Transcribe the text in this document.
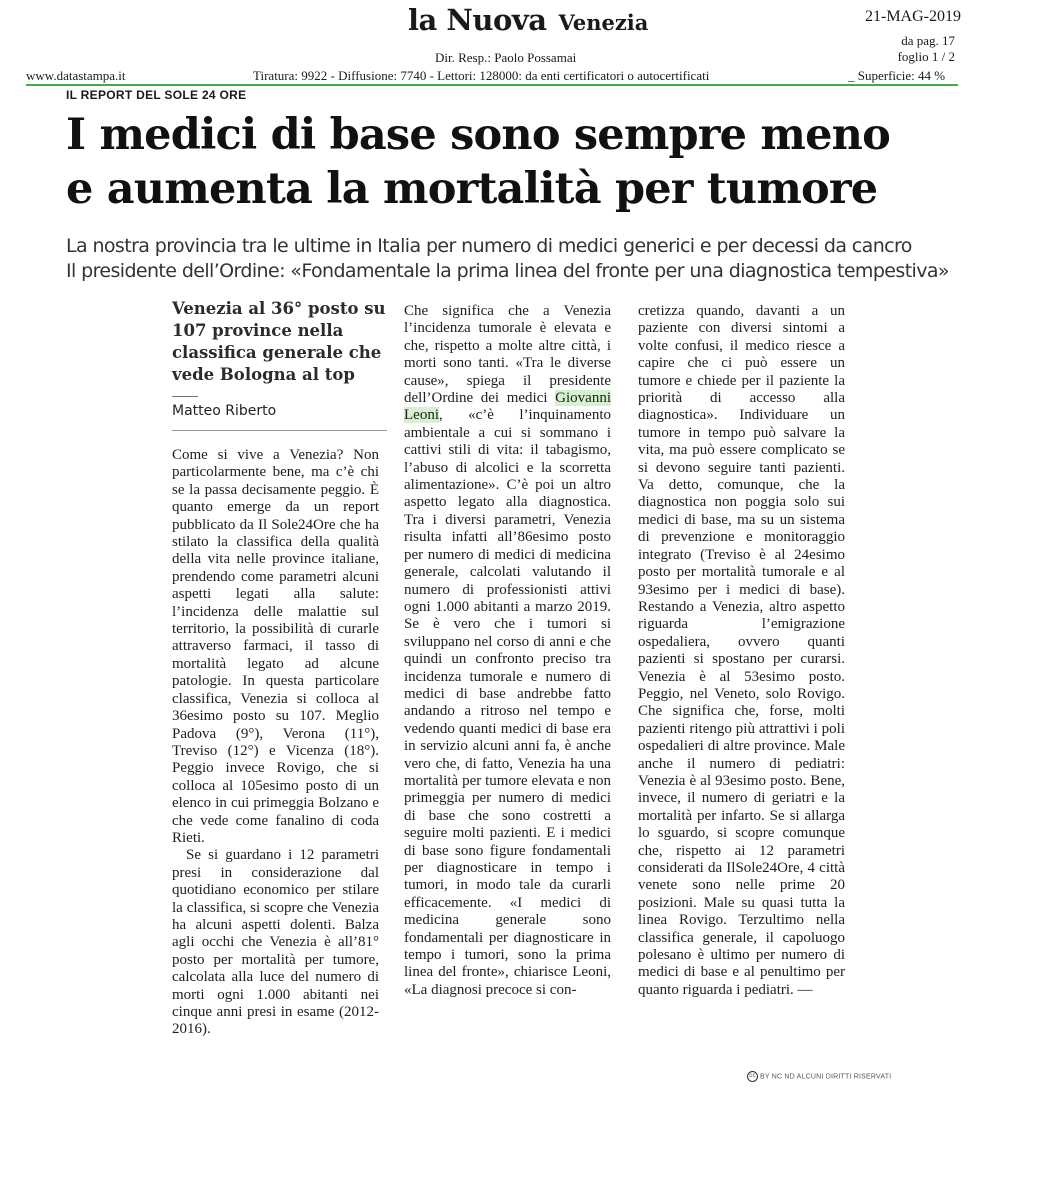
la Nuova Venezia
Dir. Resp.: Paolo Possamai
21-MAG-2019
da pag. 17
foglio 1 / 2
www.datastampa.it	Tiratura: 9922 - Diffusione: 7740 - Lettori: 128000: da enti certificatori o autocertificati	_ Superficie: 44 %
IL REPORT DEL SOLE 24 ORE
I medici di base sono sempre meno
e aumenta la mortalità per tumore
La nostra provincia tra le ultime in Italia per numero di medici generici e per decessi da cancro
Il presidente dell’Ordine: «Fondamentale la prima linea del fronte per una diagnostica tempestiva»
Venezia al 36° posto su 107 province nella classifica generale che vede Bologna al top
Matteo Riberto

Come si vive a Venezia? Non particolarmente bene, ma c’è chi se la passa decisamente peggio. È quanto emerge da un report pubblicato da Il Sole24Ore che ha stilato la classifica della qualità della vita nelle province italiane, prendendo come parametri alcuni aspetti legati alla salute: l’incidenza delle malattie sul territorio, la possibilità di curarle attraverso farmaci, il tasso di mortalità legato ad alcune patologie. In questa particolare classifica, Venezia si colloca al 36esimo posto su 107. Meglio Padova (9°), Verona (11°), Treviso (12°) e Vicenza (18°). Peggio invece Rovigo, che si colloca al 105esimo posto di un elenco in cui primeggia Bolzano e che vede come fanalino di coda Rieti.

Se si guardano i 12 parametri presi in considerazione dal quotidiano economico per stilare la classifica, si scopre che Venezia ha alcuni aspetti dolenti. Balza agli occhi che Venezia è all’81° posto per mortalità per tumore, calcolata alla luce del numero di morti ogni 1.000 abitanti nei cinque anni presi in esame (2012-2016).

Che significa che a Venezia l’incidenza tumorale è elevata e che, rispetto a molte altre città, i morti sono tanti. «Tra le diverse cause», spiega il presidente dell’Ordine dei medici Giovanni Leoni, «c’è l’inquinamento ambientale a cui si sommano i cattivi stili di vita: il tabagismo, l’abuso di alcolici e la scorretta alimentazione». C’è poi un altro aspetto legato alla diagnostica. Tra i diversi parametri, Venezia risulta infatti all’86esimo posto per numero di medici di medicina generale, calcolati valutando il numero di professionisti attivi ogni 1.000 abitanti a marzo 2019. Se è vero che i tumori si sviluppano nel corso di anni e che quindi un confronto preciso tra incidenza tumorale e numero di medici di base andrebbe fatto andando a ritroso nel tempo e vedendo quanti medici di base era in servizio alcuni anni fa, è anche vero che, di fatto, Venezia ha una mortalità per tumore elevata e non primeggia per numero di medici di base che sono costretti a seguire molti pazienti. E i medici di base sono figure fondamentali per diagnosticare in tempo i tumori, in modo tale da curarli efficacemente. «I medici di medicina generale sono fondamentali per diagnosticare in tempo i tumori, sono la prima linea del fronte», chiarisce Leoni, «La diagnosi precoce si con-

cretizza quando, davanti a un paziente con diversi sintomi a volte confusi, il medico riesce a capire che ci può essere un tumore e chiede per il paziente la priorità di accesso alla diagnostica». Individuare un tumore in tempo può salvare la vita, ma può essere complicato se si devono seguire tanti pazienti. Va detto, comunque, che la diagnostica non poggia solo sui medici di base, ma su un sistema di prevenzione e monitoraggio integrato (Treviso è al 24esimo posto per mortalità tumorale e al 93esimo per i medici di base). Restando a Venezia, altro aspetto riguarda l’emigrazione ospedaliera, ovvero quanti pazienti si spostano per curarsi. Venezia è al 53esimo posto. Peggio, nel Veneto, solo Rovigo. Che significa che, forse, molti pazienti ritengo più attrattivi i poli ospedalieri di altre province. Male anche il numero di pediatri: Venezia è al 93esimo posto. Bene, invece, il numero di geriatri e la mortalità per infarto. Se si allarga lo sguardo, si scopre comunque che, rispetto ai 12 parametri considerati da IlSole24Ore, 4 città venete sono nelle prime 20 posizioni. Male su quasi tutta la linea Rovigo. Terzultimo nella classifica generale, il capoluogo polesano è ultimo per numero di medici di base e al penultimo per quanto riguarda i pediatri. —

cc BY NC ND ALCUNI DIRITTI RISERVATI
